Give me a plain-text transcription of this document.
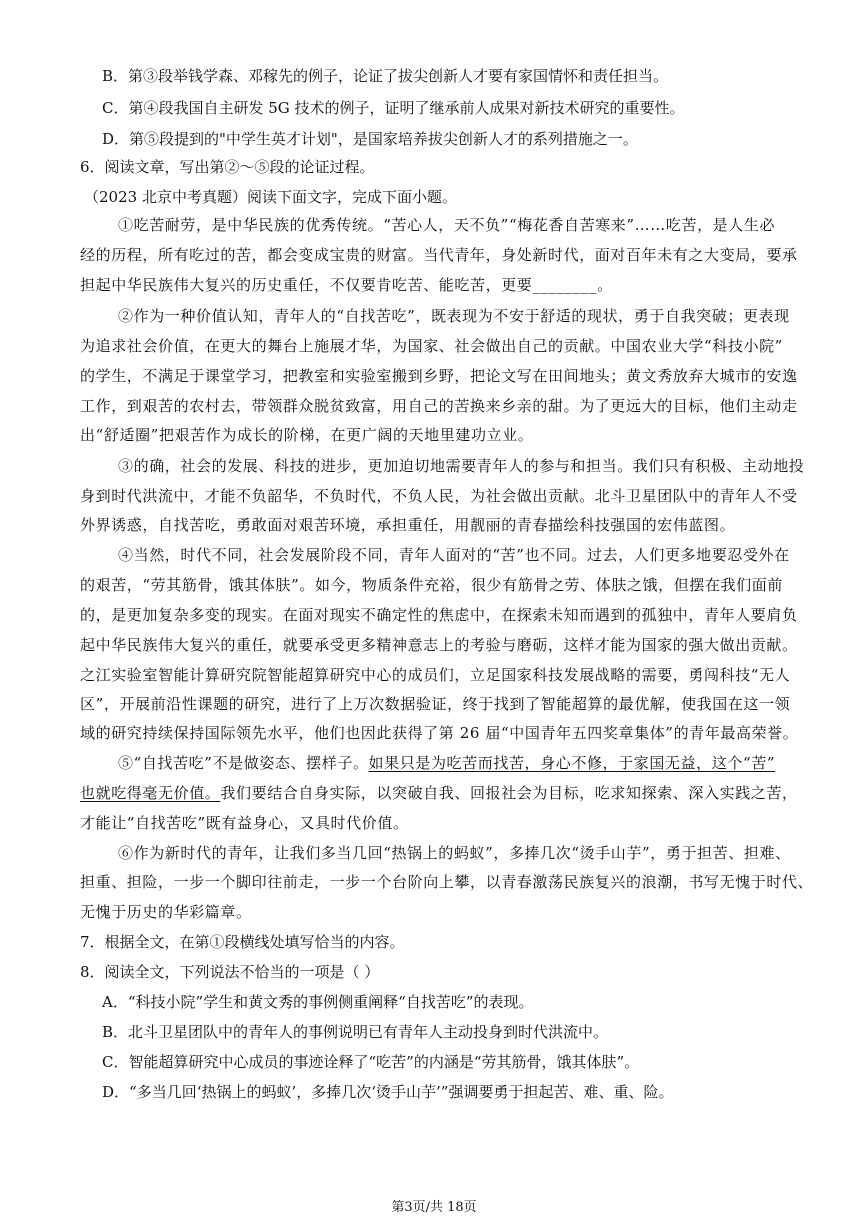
B．第③段举钱学森、邓稼先的例子，论证了拔尖创新人才要有家国情怀和责任担当。
C．第④段我国自主研发 5G 技术的例子，证明了继承前人成果对新技术研究的重要性。
D．第⑤段提到的"中学生英才计划"，是国家培养拔尖创新人才的系列措施之一。
6．阅读文章，写出第②～⑤段的论证过程。
（2023 北京中考真题）阅读下面文字，完成下面小题。
①吃苦耐劳，是中华民族的优秀传统。“苦心人，天不负”“梅花香自苦寒来”……吃苦，是人生必
经的历程，所有吃过的苦，都会变成宝贵的财富。当代青年，身处新时代，面对百年未有之大变局，要承
担起中华民族伟大复兴的历史重任，不仅要肯吃苦、能吃苦，更要________。
②作为一种价值认知，青年人的“自找苦吃”，既表现为不安于舒适的现状，勇于自我突破；更表现
为追求社会价值，在更大的舞台上施展才华，为国家、社会做出自己的贡献。中国农业大学“科技小院”
的学生，不满足于课堂学习，把教室和实验室搬到乡野，把论文写在田间地头；黄文秀放弃大城市的安逸
工作，到艰苦的农村去，带领群众脱贫致富，用自己的苦换来乡亲的甜。为了更远大的目标，他们主动走
出“舒适圈”把艰苦作为成长的阶梯，在更广阔的天地里建功立业。
③的确，社会的发展、科技的进步，更加迫切地需要青年人的参与和担当。我们只有积极、主动地投
身到时代洪流中，才能不负韶华，不负时代，不负人民，为社会做出贡献。北斗卫星团队中的青年人不受
外界诱惑，自找苦吃，勇敢面对艰苦环境，承担重任，用靓丽的青春描绘科技强国的宏伟蓝图。
④当然，时代不同，社会发展阶段不同，青年人面对的“苦”也不同。过去，人们更多地要忍受外在
的艰苦，“劳其筋骨，饿其体肤”。如今，物质条件充裕，很少有筋骨之劳、体肤之饿，但摆在我们面前
的，是更加复杂多变的现实。在面对现实不确定性的焦虑中，在探索未知而遇到的孤独中，青年人要肩负
起中华民族伟大复兴的重任，就要承受更多精神意志上的考验与磨砺，这样才能为国家的强大做出贡献。
之江实验室智能计算研究院智能超算研究中心的成员们，立足国家科技发展战略的需要，勇闯科技“无人
区”，开展前沿性课题的研究，进行了上万次数据验证，终于找到了智能超算的最优解，使我国在这一领
域的研究持续保持国际领先水平，他们也因此获得了第 26 届“中国青年五四奖章集体”的青年最高荣誉。
⑤“自找苦吃”不是做姿态、摆样子。如果只是为吃苦而找苦，身心不修，于家国无益，这个“苦”
也就吃得毫无价值。我们要结合自身实际，以突破自我、回报社会为目标，吃求知探索、深入实践之苦，
才能让“自找苦吃”既有益身心，又具时代价值。
⑥作为新时代的青年，让我们多当几回“热锅上的蚂蚁”，多捧几次“烫手山芋”，勇于担苦、担难、
担重、担险，一步一个脚印往前走，一步一个台阶向上攀，以青春激荡民族复兴的浪潮，书写无愧于时代、
无愧于历史的华彩篇章。
7．根据全文，在第①段横线处填写恰当的内容。
8．阅读全文，下列说法不恰当的一项是（ ）
A．“科技小院”学生和黄文秀的事例侧重阐释“自找苦吃”的表现。
B．北斗卫星团队中的青年人的事例说明已有青年人主动投身到时代洪流中。
C．智能超算研究中心成员的事迹诠释了“吃苦”的内涵是“劳其筋骨，饿其体肤”。
D．“多当几回‘热锅上的蚂蚁’，多捧几次‘烫手山芋’”强调要勇于担起苦、难、重、险。
第3页/共 18页
